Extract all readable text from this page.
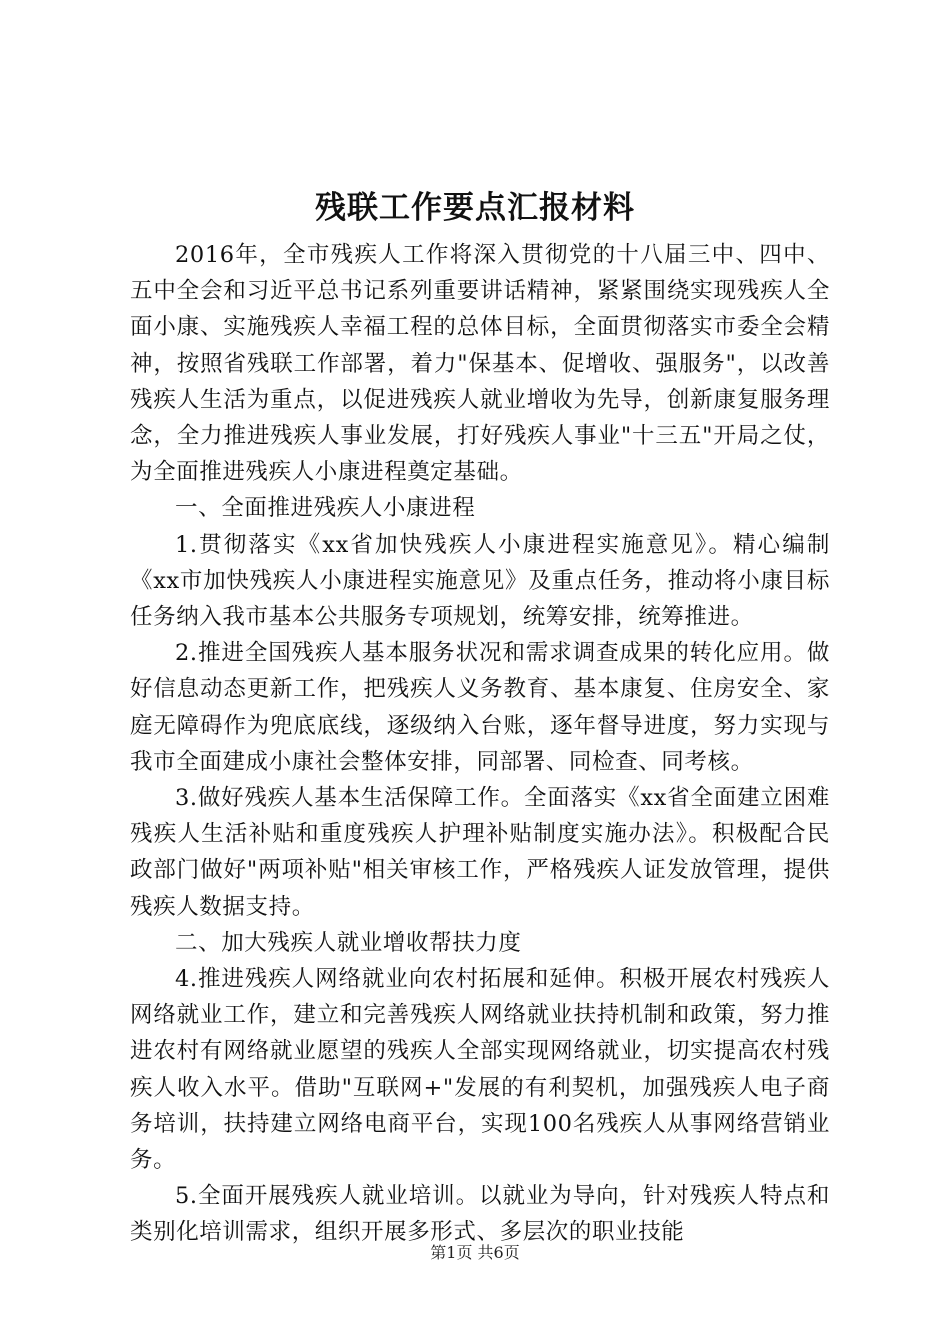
残联工作要点汇报材料

2016年，全市残疾人工作将深入贯彻党的十八届三中、四中、五中全会和习近平总书记系列重要讲话精神，紧紧围绕实现残疾人全面小康、实施残疾人幸福工程的总体目标，全面贯彻落实市委全会精神，按照省残联工作部署，着力"保基本、促增收、强服务"，以改善残疾人生活为重点，以促进残疾人就业增收为先导，创新康复服务理念，全力推进残疾人事业发展，打好残疾人事业"十三五"开局之仗，为全面推进残疾人小康进程奠定基础。

一、全面推进残疾人小康进程

1.贯彻落实《xx省加快残疾人小康进程实施意见》。精心编制《xx市加快残疾人小康进程实施意见》及重点任务，推动将小康目标任务纳入我市基本公共服务专项规划，统筹安排，统筹推进。

2.推进全国残疾人基本服务状况和需求调查成果的转化应用。做好信息动态更新工作，把残疾人义务教育、基本康复、住房安全、家庭无障碍作为兜底底线，逐级纳入台账，逐年督导进度，努力实现与我市全面建成小康社会整体安排，同部署、同检查、同考核。

3.做好残疾人基本生活保障工作。全面落实《xx省全面建立困难残疾人生活补贴和重度残疾人护理补贴制度实施办法》。积极配合民政部门做好"两项补贴"相关审核工作，严格残疾人证发放管理，提供残疾人数据支持。

二、加大残疾人就业增收帮扶力度

4.推进残疾人网络就业向农村拓展和延伸。积极开展农村残疾人网络就业工作，建立和完善残疾人网络就业扶持机制和政策，努力推进农村有网络就业愿望的残疾人全部实现网络就业，切实提高农村残疾人收入水平。借助"互联网+"发展的有利契机，加强残疾人电子商务培训，扶持建立网络电商平台，实现100名残疾人从事网络营销业务。

5.全面开展残疾人就业培训。以就业为导向，针对残疾人特点和类别化培训需求，组织开展多形式、多层次的职业技能

第1页 共6页
